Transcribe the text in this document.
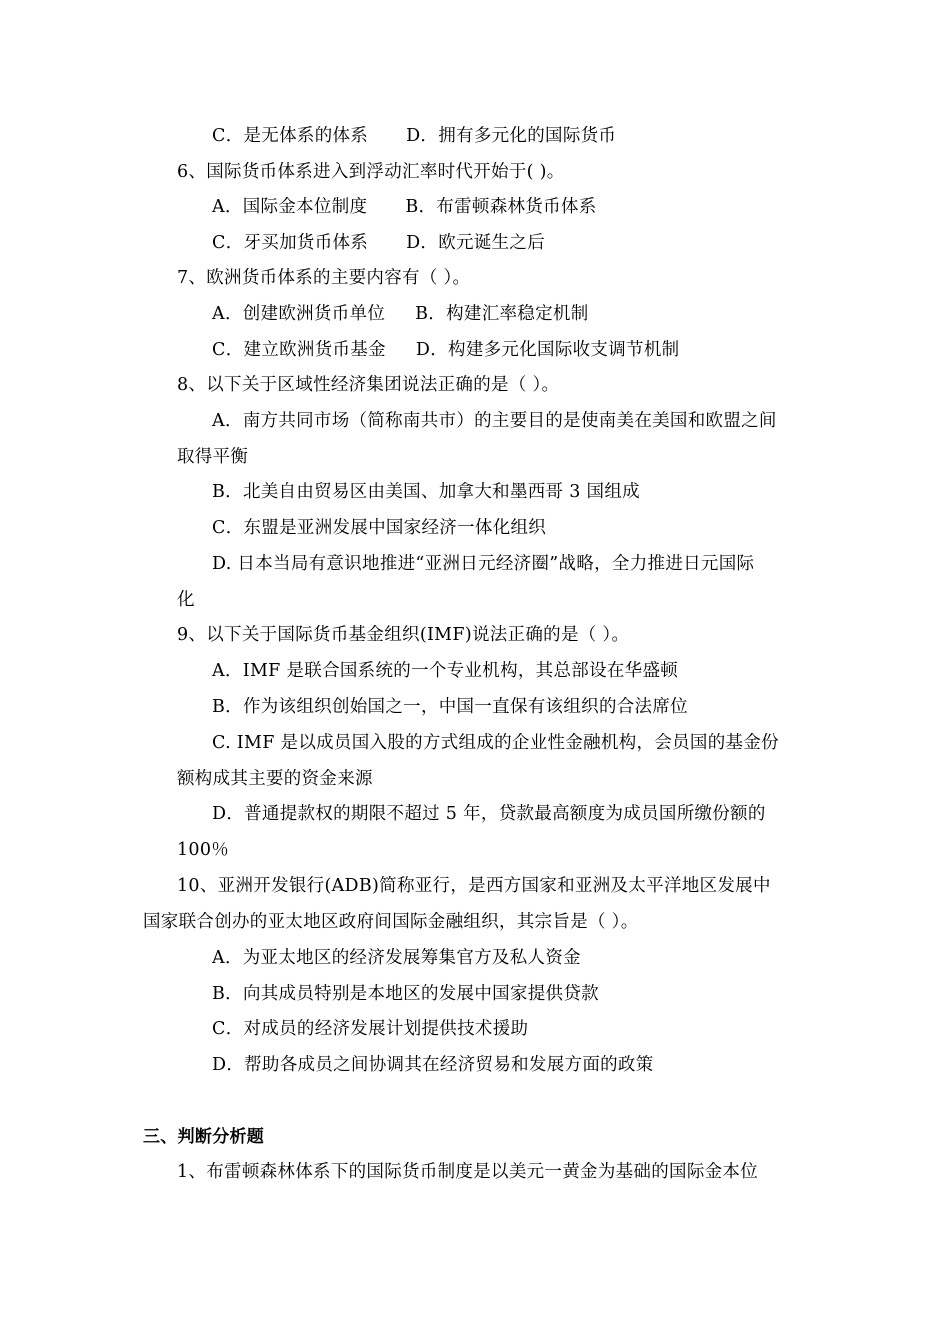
C．是无体系的体系 D．拥有多元化的国际货币
6、国际货币体系进入到浮动汇率时代开始于( )。
A．国际金本位制度 B．布雷顿森林货币体系
C．牙买加货币体系 D．欧元诞生之后
7、欧洲货币体系的主要内容有（ ）。
A．创建欧洲货币单位 B．构建汇率稳定机制
C．建立欧洲货币基金 D．构建多元化国际收支调节机制
8、以下关于区域性经济集团说法正确的是（ ）。
A．南方共同市场（简称南共市）的主要目的是使南美在美国和欧盟之间
取得平衡
B．北美自由贸易区由美国、加拿大和墨西哥 3 国组成
C．东盟是亚洲发展中国家经济一体化组织
D. 日本当局有意识地推进“亚洲日元经济圈”战略，全力推进日元国际
化
9、以下关于国际货币基金组织(IMF)说法正确的是（ ）。
A．IMF 是联合国系统的一个专业机构，其总部设在华盛顿
B．作为该组织创始国之一，中国一直保有该组织的合法席位
C. IMF 是以成员国入股的方式组成的企业性金融机构，会员国的基金份
额构成其主要的资金来源
D．普通提款权的期限不超过 5 年，贷款最高额度为成员国所缴份额的
100％
10、亚洲开发银行(ADB)简称亚行，是西方国家和亚洲及太平洋地区发展中
国家联合创办的亚太地区政府间国际金融组织，其宗旨是（ ）。
A．为亚太地区的经济发展筹集官方及私人资金
B．向其成员特别是本地区的发展中国家提供贷款
C．对成员的经济发展计划提供技术援助
D．帮助各成员之间协调其在经济贸易和发展方面的政策
三、判断分析题
1、布雷顿森林体系下的国际货币制度是以美元一黄金为基础的国际金本位
